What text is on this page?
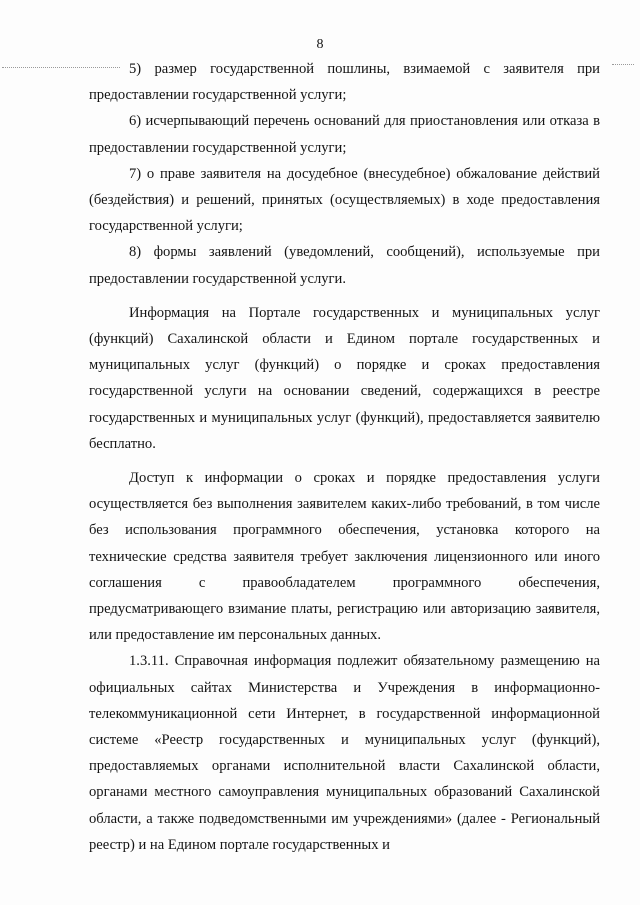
8

5) размер государственной пошлины, взимаемой с заявителя при предоставлении государственной услуги;

6) исчерпывающий перечень оснований для приостановления или отказа в предоставлении государственной услуги;

7) о праве заявителя на досудебное (внесудебное) обжалование действий (бездействия) и решений, принятых (осуществляемых) в ходе предоставления государственной услуги;

8) формы заявлений (уведомлений, сообщений), используемые при предоставлении государственной услуги.

Информация на Портале государственных и муниципальных услуг (функций) Сахалинской области и Едином портале государственных и муниципальных услуг (функций) о порядке и сроках предоставления государственной услуги на основании сведений, содержащихся в реестре государственных и муниципальных услуг (функций), предоставляется заявителю бесплатно.

Доступ к информации о сроках и порядке предоставления услуги осуществляется без выполнения заявителем каких-либо требований, в том числе без использования программного обеспечения, установка которого на технические средства заявителя требует заключения лицензионного или иного соглашения с правообладателем программного обеспечения, предусматривающего взимание платы, регистрацию или авторизацию заявителя, или предоставление им персональных данных.

1.3.11. Справочная информация подлежит обязательному размещению на официальных сайтах Министерства и Учреждения в информационно-телекоммуникационной сети Интернет, в государственной информационной системе «Реестр государственных и муниципальных услуг (функций), предоставляемых органами исполнительной власти Сахалинской области, органами местного самоуправления муниципальных образований Сахалинской области, а также подведомственными им учреждениями» (далее - Региональный реестр) и на Едином портале государственных и
